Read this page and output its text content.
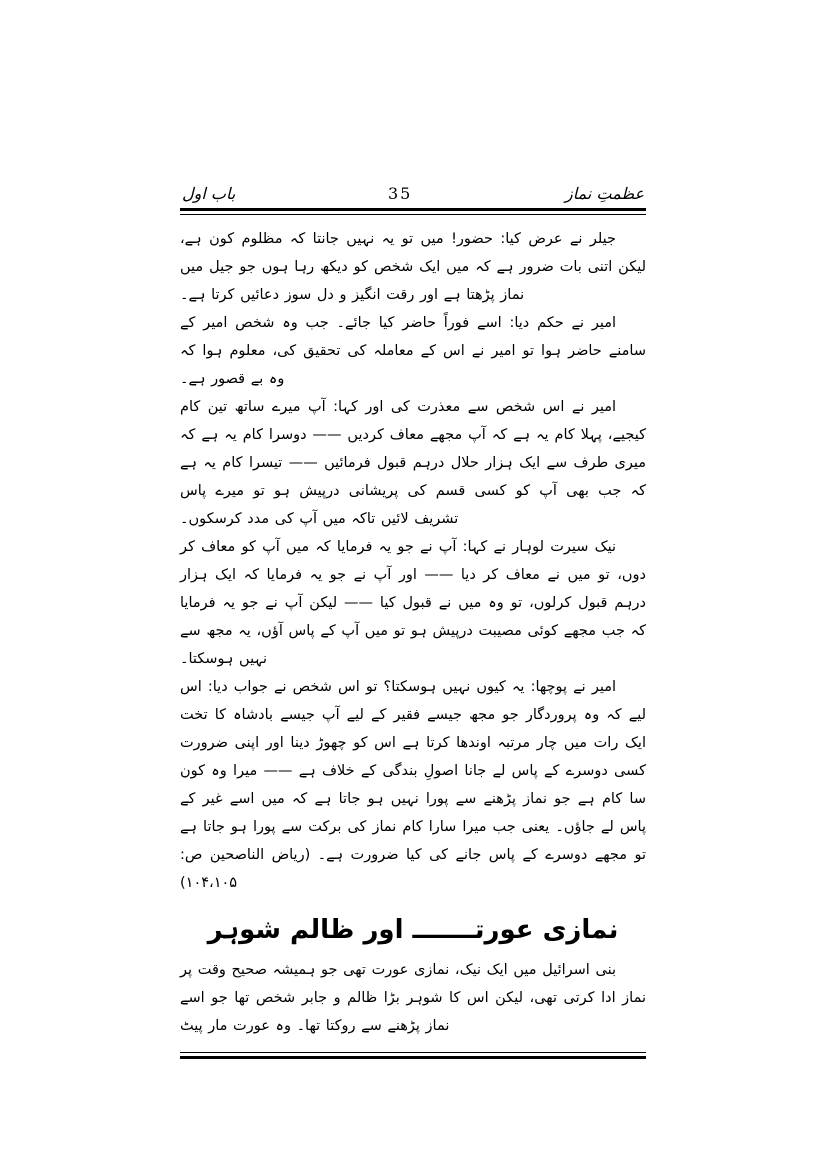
عظمتِ نماز
35
باب اول

جیلر نے عرض کیا: حضور! میں تو یہ نہیں جانتا کہ مظلوم کون ہے، لیکن اتنی بات ضرور ہے کہ میں ایک شخص کو دیکھ رہا ہوں جو جیل میں نماز پڑھتا ہے اور رقت انگیز و دل سوز دعائیں کرتا ہے۔

امیر نے حکم دیا: اسے فوراً حاضر کیا جائے۔ جب وہ شخص امیر کے سامنے حاضر ہوا تو امیر نے اس کے معاملہ کی تحقیق کی، معلوم ہوا کہ وہ بے قصور ہے۔

امیر نے اس شخص سے معذرت کی اور کہا: آپ میرے ساتھ تین کام کیجیے، پہلا کام یہ ہے کہ آپ مجھے معاف کردیں —— دوسرا کام یہ ہے کہ میری طرف سے ایک ہزار حلال درہم قبول فرمائیں —— تیسرا کام یہ ہے کہ جب بھی آپ کو کسی قسم کی پریشانی درپیش ہو تو میرے پاس تشریف لائیں تاکہ میں آپ کی مدد کرسکوں۔

نیک سیرت لوہار نے کہا: آپ نے جو یہ فرمایا کہ میں آپ کو معاف کر دوں، تو میں نے معاف کر دیا —— اور آپ نے جو یہ فرمایا کہ ایک ہزار درہم قبول کرلوں، تو وہ میں نے قبول کیا —— لیکن آپ نے جو یہ فرمایا کہ جب مجھے کوئی مصیبت درپیش ہو تو میں آپ کے پاس آؤں، یہ مجھ سے نہیں ہوسکتا۔

امیر نے پوچھا: یہ کیوں نہیں ہوسکتا؟ تو اس شخص نے جواب دیا: اس لیے کہ وہ پروردگار جو مجھ جیسے فقیر کے لیے آپ جیسے بادشاہ کا تخت ایک رات میں چار مرتبہ اوندھا کرتا ہے اس کو چھوڑ دینا اور اپنی ضرورت کسی دوسرے کے پاس لے جانا اصولِ بندگی کے خلاف ہے —— میرا وہ کون سا کام ہے جو نماز پڑھنے سے پورا نہیں ہو جاتا ہے کہ میں اسے غیر کے پاس لے جاؤں۔ یعنی جب میرا سارا کام نماز کی برکت سے پورا ہو جاتا ہے تو مجھے دوسرے کے پاس جانے کی کیا ضرورت ہے۔ (ریاض الناصحین ص: ۱۰۴،۱۰۵)

نمازی عورتـــــــ اور ظالم شوہر

بنی اسرائیل میں ایک نیک، نمازی عورت تھی جو ہمیشہ صحیح وقت پر نماز ادا کرتی تھی، لیکن اس کا شوہر بڑا ظالم و جابر شخص تھا جو اسے نماز پڑھنے سے روکتا تھا۔ وہ عورت مار پیٹ
